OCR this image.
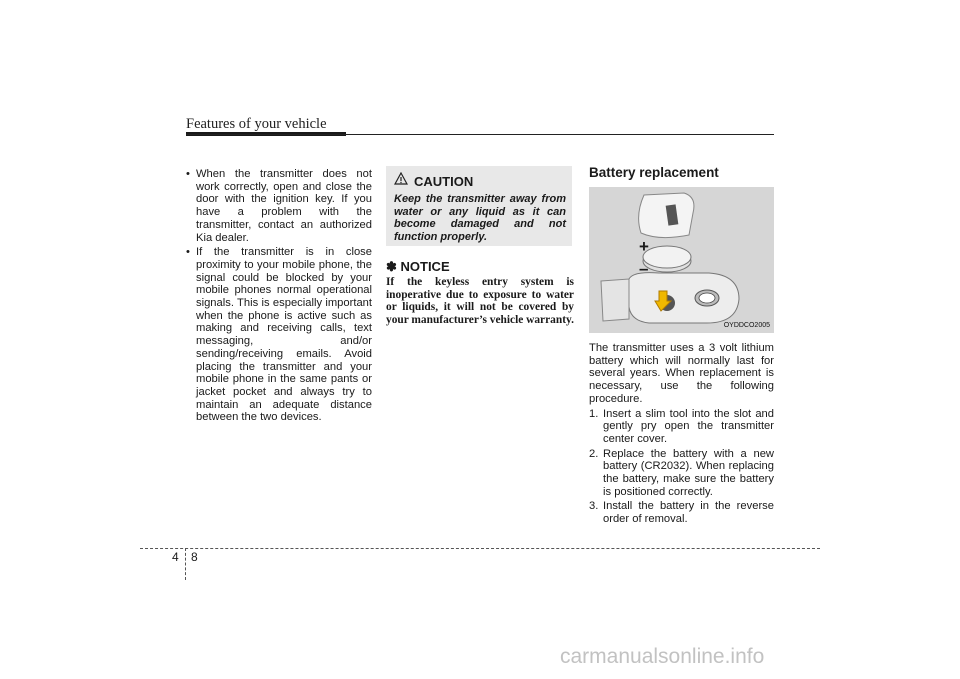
Features of your vehicle
• When the transmitter does not work correctly, open and close the door with the ignition key. If you have a problem with the transmitter, contact an authorized Kia dealer.
• If the transmitter is in close proximity to your mobile phone, the signal could be blocked by your mobile phones normal operational signals. This is especially important when the phone is active such as making and receiving calls, text messaging, and/or sending/receiving emails. Avoid placing the transmitter and your mobile phone in the same pants or jacket pocket and always try to maintain an adequate distance between the two devices.
CAUTION
Keep the transmitter away from water or any liquid as it can become damaged and not function properly.
✽ NOTICE
If the keyless entry system is inoperative due to exposure to water or liquids, it will not be covered by your manufacturer’s vehicle warranty.
Battery replacement
+
–
OYDDCO2005
The transmitter uses a 3 volt lithium battery which will normally last for several years. When replacement is necessary, use the following procedure.
1. Insert a slim tool into the slot and gently pry open the transmitter center cover.
2. Replace the battery with a new battery (CR2032). When replacing the battery, make sure the battery is positioned correctly.
3. Install the battery in the reverse order of removal.
4 8
carmanualsonline.info
